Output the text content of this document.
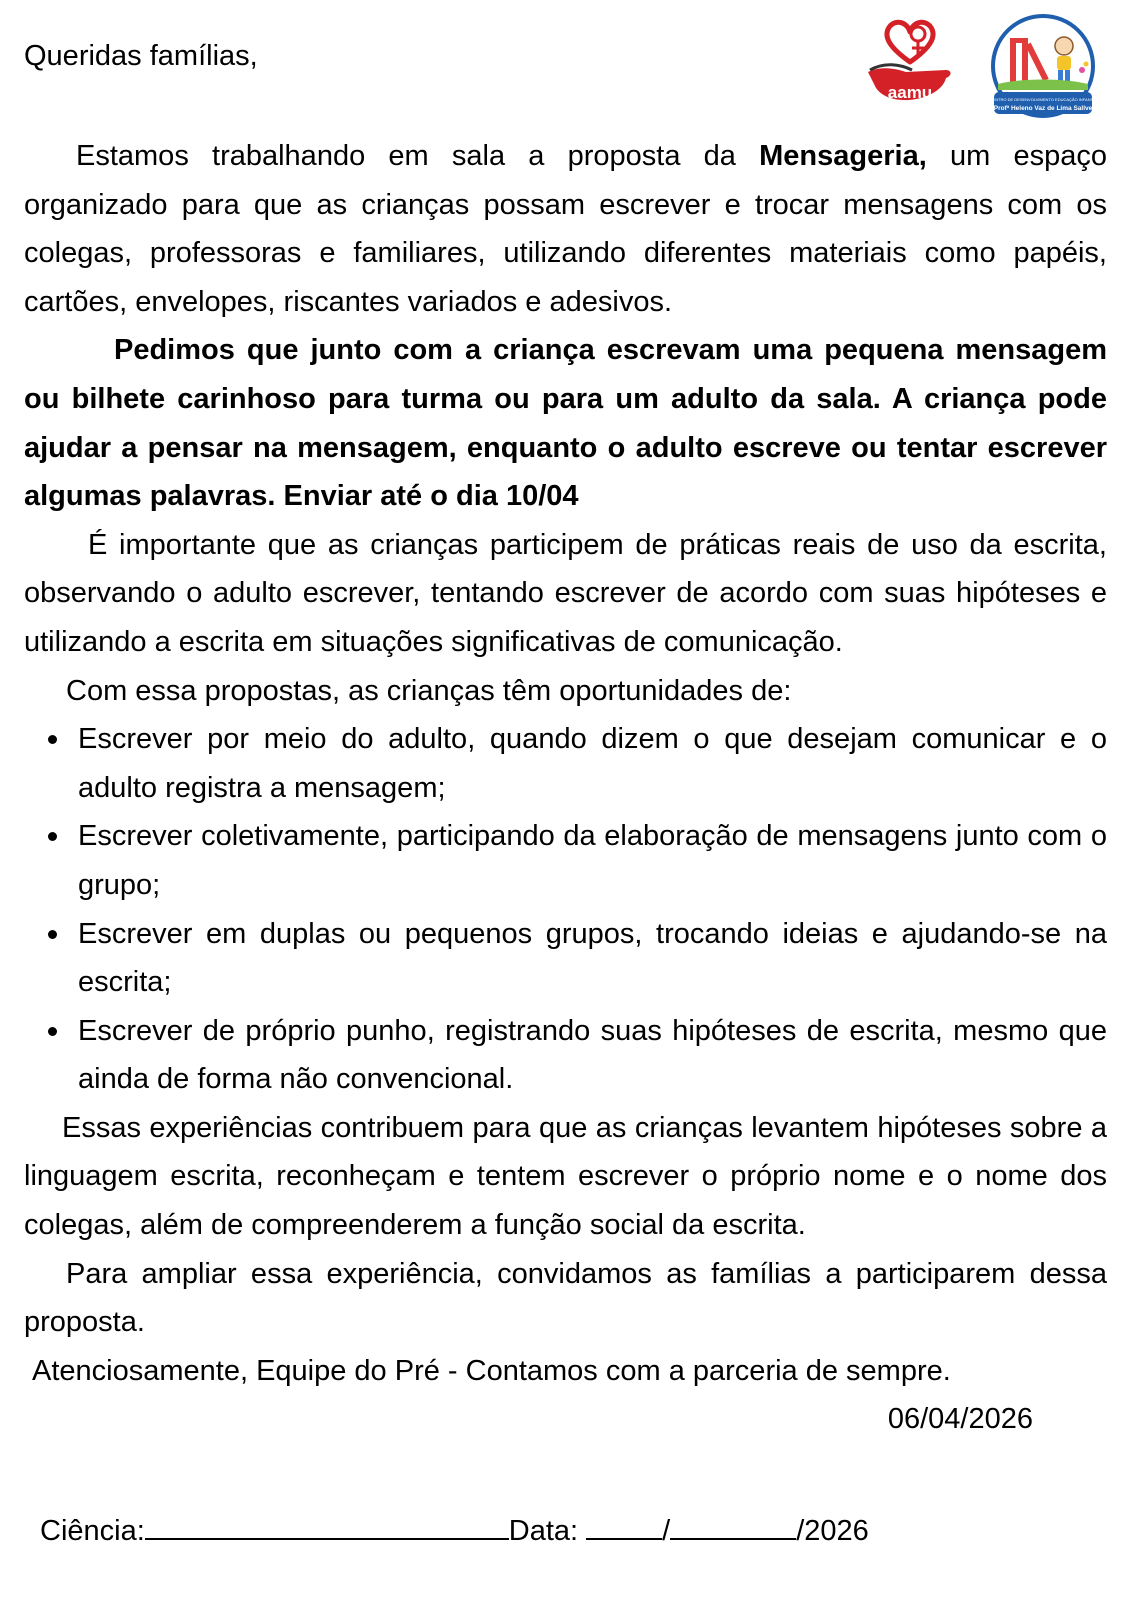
Queridas famílias,

aamu	CENTRO DE DESENVOLVIMENTO EDUCAÇÃO INFANTIL
"Profª Heleno Vaz de Lima Sallve"

Estamos trabalhando em sala a proposta da Mensageria, um espaço organizado para que as crianças possam escrever e trocar mensagens com os colegas, professoras e familiares, utilizando diferentes materiais como papéis, cartões, envelopes, riscantes variados e adesivos.

Pedimos que junto com a criança escrevam uma pequena mensagem ou bilhete carinhoso para turma ou para um adulto da sala. A criança pode ajudar a pensar na mensagem, enquanto o adulto escreve ou tentar escrever algumas palavras. Enviar até o dia 10/04

É importante que as crianças participem de práticas reais de uso da escrita, observando o adulto escrever, tentando escrever de acordo com suas hipóteses e utilizando a escrita em situações significativas de comunicação.

Com essa propostas, as crianças têm oportunidades de:

Escrever por meio do adulto, quando dizem o que desejam comunicar e o adulto registra a mensagem;
Escrever coletivamente, participando da elaboração de mensagens junto com o grupo;
Escrever em duplas ou pequenos grupos, trocando ideias e ajudando-se na escrita;
Escrever de próprio punho, registrando suas hipóteses de escrita, mesmo que ainda de forma não convencional.

Essas experiências contribuem para que as crianças levantem hipóteses sobre a linguagem escrita, reconheçam e tentem escrever o próprio nome e o nome dos colegas, além de compreenderem a função social da escrita.

Para ampliar essa experiência, convidamos as famílias a participarem dessa proposta.

Atenciosamente, Equipe do Pré - Contamos com a parceria de sempre.

06/04/2026

Ciência:	Data:	/	/2026
